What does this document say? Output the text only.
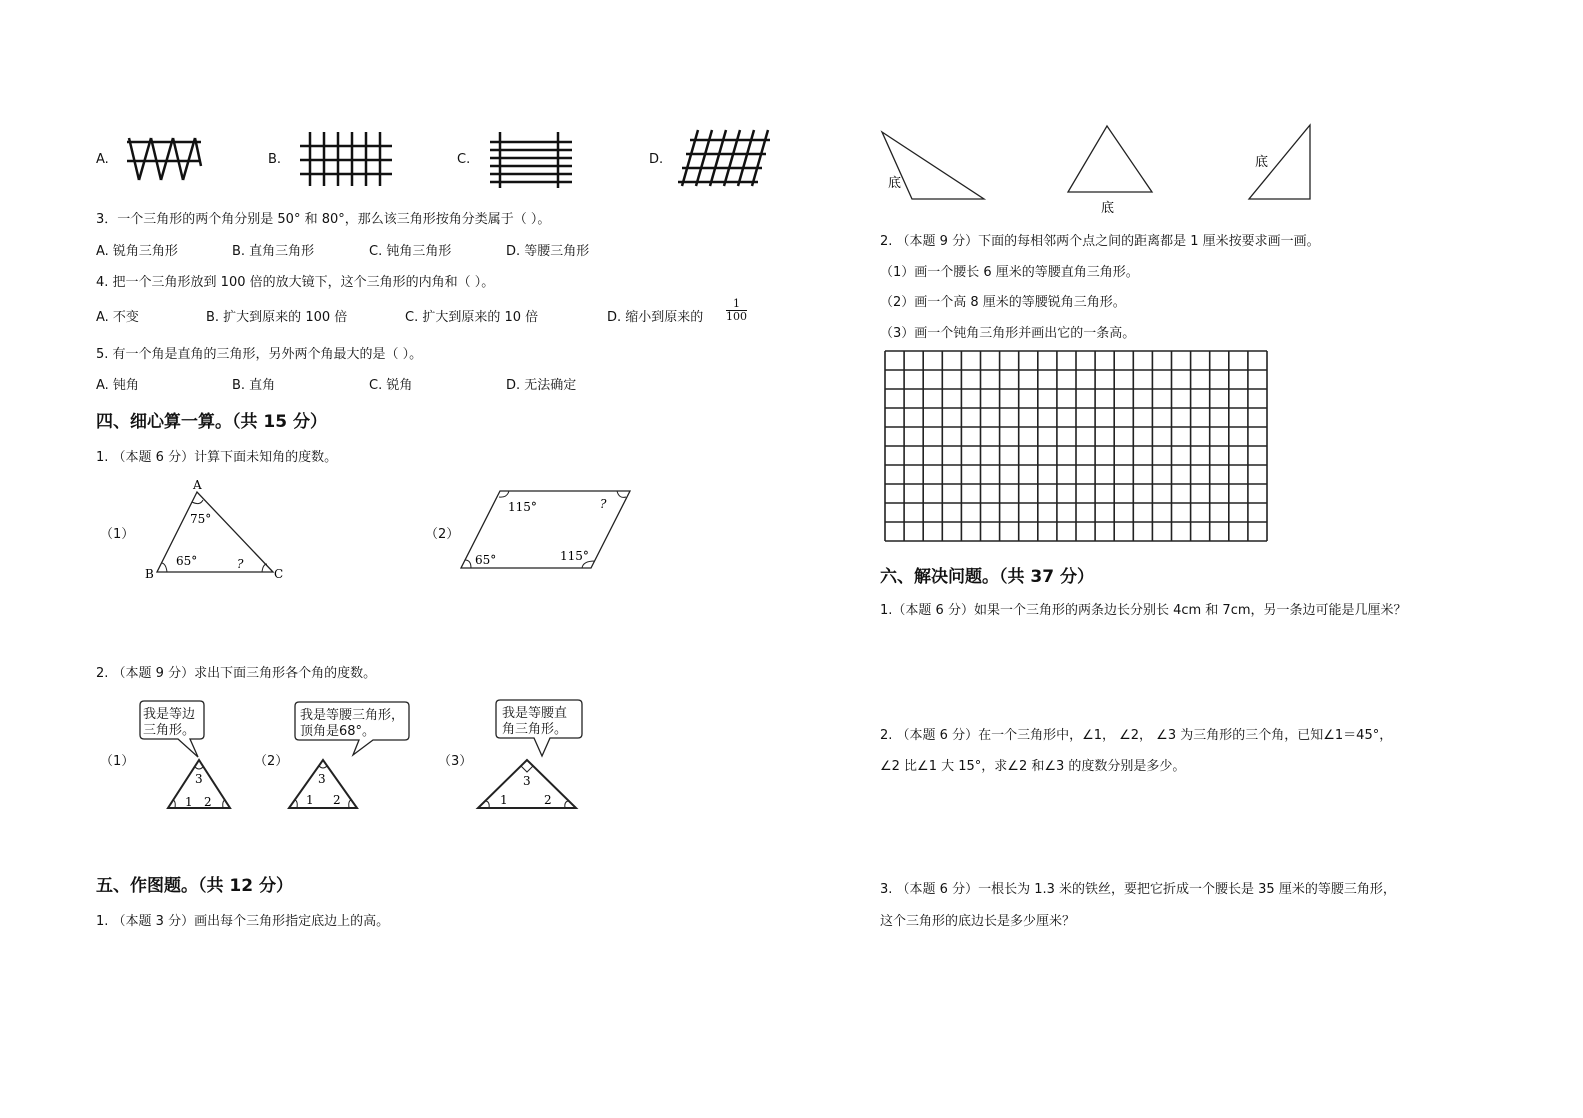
A.	B.	C.	D.
3．一个三角形的两个角分别是 50° 和 80°，那么该三角形按角分类属于（ ）。
A. 锐角三角形	B. 直角三角形	C. 钝角三角形	D. 等腰三角形
4. 把一个三角形放到 100 倍的放大镜下，这个三角形的内角和（ ）。
A. 不变	B. 扩大到原来的 100 倍	C. 扩大到原来的 10 倍	D. 缩小到原来的 $\frac{1}{100}$
5. 有一个角是直角的三角形，另外两个角最大的是（ ）。
A. 钝角	B. 直角	C. 锐角	D. 无法确定
四、细心算一算。（共 15 分）
1. （本题 6 分）计算下面未知角的度数。
（1）
A
B	C
75°
65°	?
（2）
115°	?
65°	115°
2. （本题 9 分）求出下面三角形各个角的度数。
（1）
我是等边
三角形。
1 2
3
（2）
我是等腰三角形，
顶角是68°。
1 2
3
（3）
我是等腰直
角三角形。
1	2
3
五、作图题。（共 12 分）
1. （本题 3 分）画出每个三角形指定底边上的高。
底
底
底
2. （本题 9 分）下面的每相邻两个点之间的距离都是 1 厘米按要求画一画。
（1）画一个腰长 6 厘米的等腰直角三角形。
（2）画一个高 8 厘米的等腰锐角三角形。
（3）画一个钝角三角形并画出它的一条高。
六、解决问题。（共 37 分）
1.（本题 6 分）如果一个三角形的两条边长分别长 4cm 和 7cm，另一条边可能是几厘米？
2. （本题 6 分）在一个三角形中，∠1， ∠2， ∠3 为三角形的三个角，已知∠1＝45°，
∠2 比∠1 大 15°，求∠2 和∠3 的度数分别是多少。
3. （本题 6 分）一根长为 1.3 米的铁丝，要把它折成一个腰长是 35 厘米的等腰三角形，
这个三角形的底边长是多少厘米？
